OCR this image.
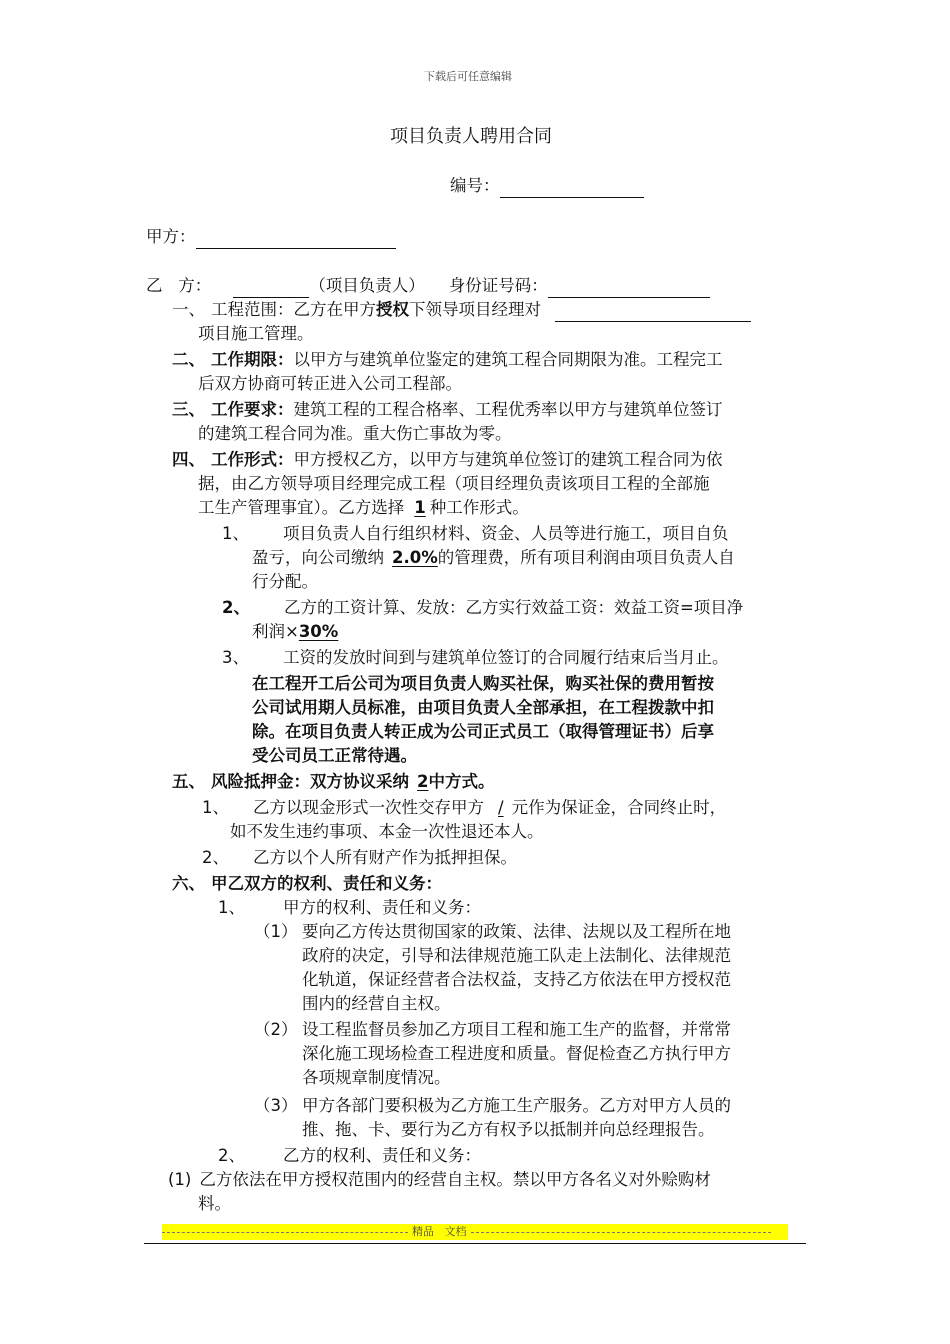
下载后可任意编辑
项目负责人聘用合同
编号：
甲方：
乙   方：	（项目负责人） 身份证号码：
一、 工程范围：乙方在甲方授权下领导项目经理对
项目施工管理。
二、 工作期限：以甲方与建筑单位鉴定的建筑工程合同期限为准。工程完工
后双方协商可转正进入公司工程部。
三、 工作要求：建筑工程的工程合格率、工程优秀率以甲方与建筑单位签订
的建筑工程合同为准。重大伤亡事故为零。
四、 工作形式：甲方授权乙方，以甲方与建筑单位签订的建筑工程合同为依
据，由乙方领导项目经理完成工程（项目经理负责该项目工程的全部施
工生产管理事宜）。乙方选择 1 种工作形式。
1、 项目负责人自行组织材料、资金、人员等进行施工，项目自负
盈亏，向公司缴纳 2.0%的管理费，所有项目利润由项目负责人自
行分配。
2、 乙方的工资计算、发放：乙方实行效益工资：效益工资=项目净
利润×30%
3、 工资的发放时间到与建筑单位签订的合同履行结束后当月止。
在工程开工后公司为项目负责人购买社保，购买社保的费用暂按
公司试用期人员标准，由项目负责人全部承担，在工程拨款中扣
除。在项目负责人转正成为公司正式员工（取得管理证书）后享
受公司员工正常待遇。
五、 风险抵押金：双方协议采纳 2中方式。
1、 乙方以现金形式一次性交存甲方 / 元作为保证金，合同终止时，
如不发生违约事项、本金一次性退还本人。
2、 乙方以个人所有财产作为抵押担保。
六、 甲乙双方的权利、责任和义务：
1、 甲方的权利、责任和义务：
（1） 要向乙方传达贯彻国家的政策、法律、法规以及工程所在地
政府的决定，引导和法律规范施工队走上法制化、法律规范
化轨道，保证经营者合法权益，支持乙方依法在甲方授权范
围内的经营自主权。
（2） 设工程监督员参加乙方项目工程和施工生产的监督，并常常
深化施工现场检查工程进度和质量。督促检查乙方执行甲方
各项规章制度情况。
（3） 甲方各部门要积极为乙方施工生产服务。乙方对甲方人员的
推、拖、卡、要行为乙方有权予以抵制并向总经理报告。
2、 乙方的权利、责任和义务：
(1) 乙方依法在甲方授权范围内的经营自主权。禁以甲方各名义对外赊购材
料。
精品   文档
